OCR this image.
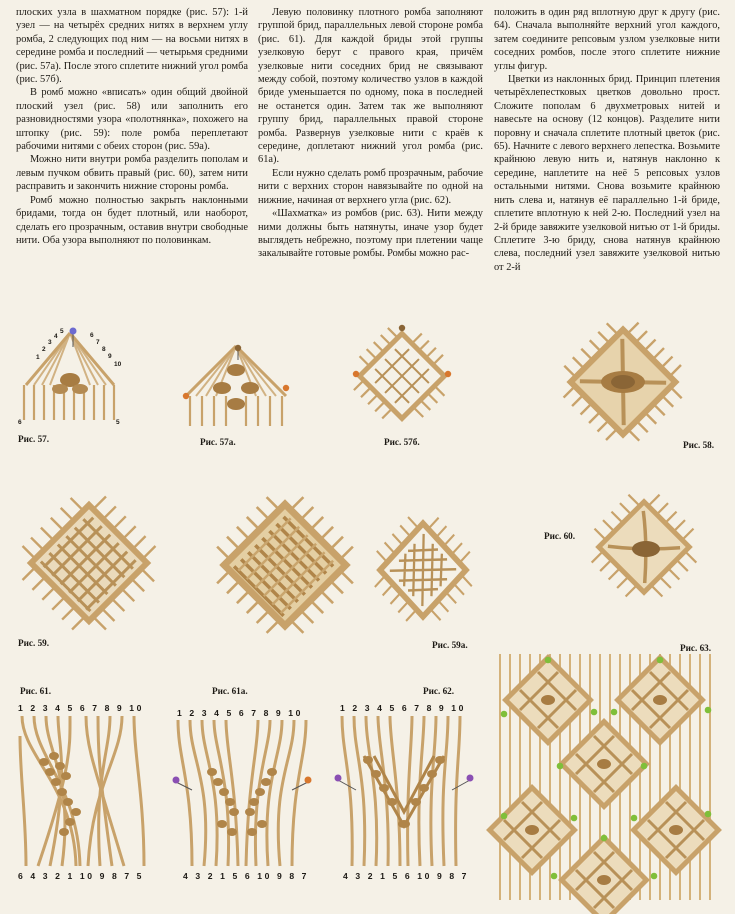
плоских узла в шахматном порядке (рис. 57): 1-й узел — на четырёх средних нитях в верхнем углу ромба, 2 следующих под ним — на восьми нитях в середине ромба и последний — четырьмя средними (рис. 57а). После этого сплетите нижний угол ромба (рис. 57б).

В ромб можно «вписать» один общий двойной плоский узел (рис. 58) или заполнить его разновидностями узора «полотнянка», похожего на штопку (рис. 59): поле ромба переплетают рабочими нитями с обеих сторон (рис. 59а).

Можно нити внутри ромба разделить пополам и левым пучком обвить правый (рис. 60), затем нити расправить и закончить нижние стороны ромба.

Ромб можно полностью закрыть наклонными бридами, тогда он будет плотный, или наоборот, сделать его прозрачным, оставив внутри свободные нити. Оба узора выполняют по половинкам.

Левую половинку плотного ромба заполняют группой брид, параллельных левой стороне ромба (рис. 61). Для каждой бриды этой группы узелковую берут с правого края, причём узелковые нити соседних брид не связывают между собой, поэтому количество узлов в каждой бриде уменьшается по одному, пока в последней не останется один. Затем так же выполняют группу брид, параллельных правой стороне ромба. Развернув узелковые нити с краёв к середине, доплетают нижний угол ромба (рис. 61а).

Если нужно сделать ромб прозрачным, рабочие нити с верхних сторон навязывайте по одной на нижние, начиная от верхнего угла (рис. 62).

«Шахматка» из ромбов (рис. 63). Нити между ними должны быть натянуты, иначе узор будет выглядеть небрежно, поэтому при плетении чаще закалывайте готовые ромбы. Ромбы можно рас-

положить в один ряд вплотную друг к другу (рис. 64). Сначала выполняйте верхний угол каждого, затем соедините репсовым узлом узелковые нити соседних ромбов, после этого сплетите нижние углы фигур.

Цветки из наклонных брид. Принцип плетения четырёхлепестковых цветков довольно прост. Сложите пополам 6 двухметровых нитей и навесьте на основу (12 концов). Разделите нити поровну и сначала сплетите плотный цветок (рис. 65). Начните с левого верхнего лепестка. Возьмите крайнюю левую нить и, натянув наклонно к середине, наплетите на неё 5 репсовых узлов остальными нитями. Снова возьмите крайнюю нить слева и, натянув её параллельно 1-й бриде, сплетите вплотную к ней 2-ю. Последний узел на 2-й бриде завяжите узелковой нитью от 1-й бриды. Сплетите 3-ю бриду, снова натянув крайнюю слева, последний узел завяжите узелковой нитью от 2-й

1
2
3
4
5
6
7
8
9
10
6	5
Рис. 57.	Рис. 57а.	Рис. 57б.	Рис. 58.
Рис. 59.	Рис. 59а.
Рис. 60.
Рис. 61.	Рис. 61а.	Рис. 62.
1 2 3 4 5 6 7 8 9 10
6 4 3 2 1 10 9 8 7 5
1 2 3 4 5 6 7 8 9 10
4 3 2 1 5 6 10 9 8 7
1 2 3 4 5 6 7 8 9 10
4 3 2 1 5 6 10 9 8 7
Рис. 63.
